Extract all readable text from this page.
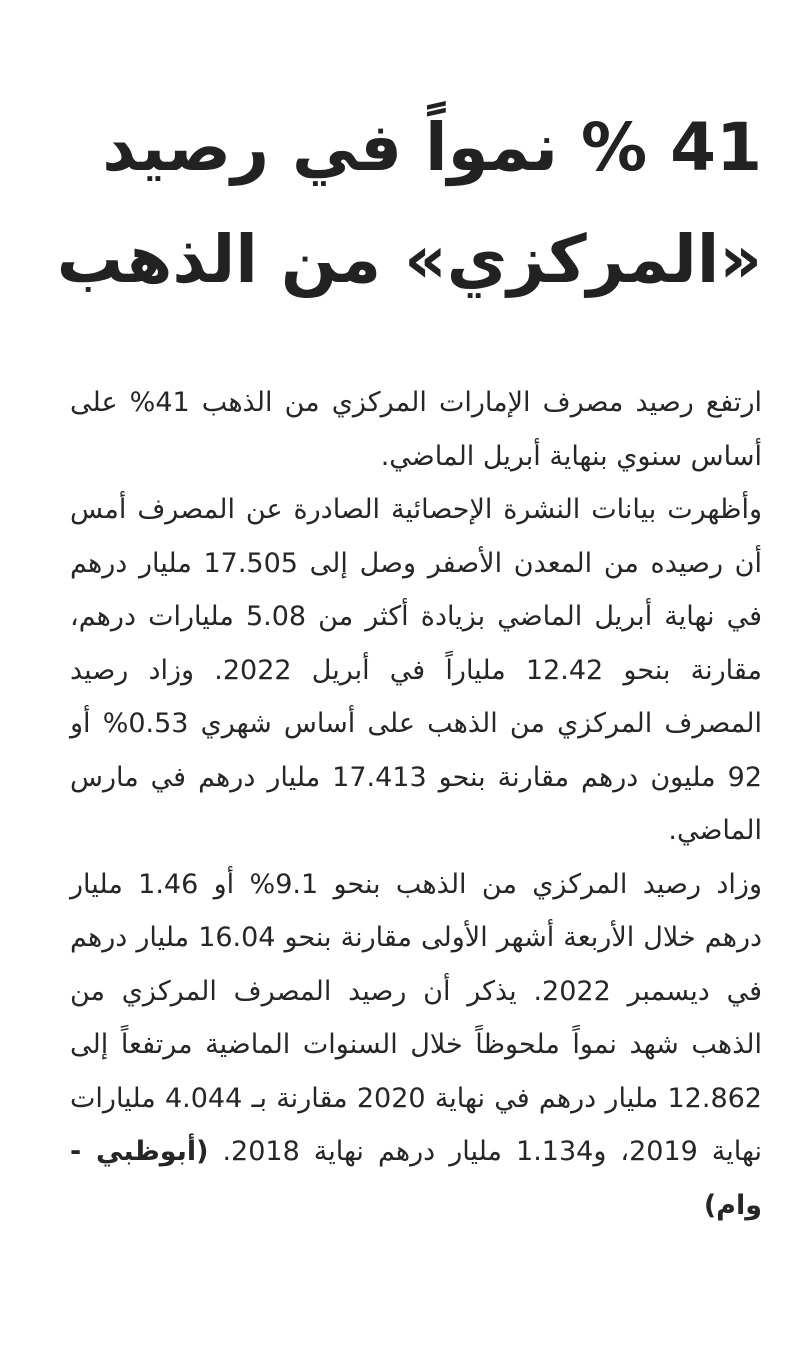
41 % نمواً في رصيد
«المركزي» من الذهب

ارتفع رصيد مصرف الإمارات المركزي من الذهب 41% على أساس سنوي بنهاية أبريل الماضي.

وأظهرت بيانات النشرة الإحصائية الصادرة عن المصرف أمس أن رصيده من المعدن الأصفر وصل إلى 17.505 مليار درهم في نهاية أبريل الماضي بزيادة أكثر من 5.08 مليارات درهم، مقارنة بنحو 12.42 ملياراً في أبريل 2022. وزاد رصيد المصرف المركزي من الذهب على أساس شهري 0.53% أو 92 مليون درهم مقارنة بنحو 17.413 مليار درهم في مارس الماضي.

وزاد رصيد المركزي من الذهب بنحو 9.1% أو 1.46 مليار درهم خلال الأربعة أشهر الأولى مقارنة بنحو 16.04 مليار درهم في ديسمبر 2022. يذكر أن رصيد المصرف المركزي من الذهب شهد نمواً ملحوظاً خلال السنوات الماضية مرتفعاً إلى 12.862 مليار درهم في نهاية 2020 مقارنة بـ 4.044 مليارات نهاية 2019، و1.134 مليار درهم نهاية 2018. (أبوظبي - وام)
